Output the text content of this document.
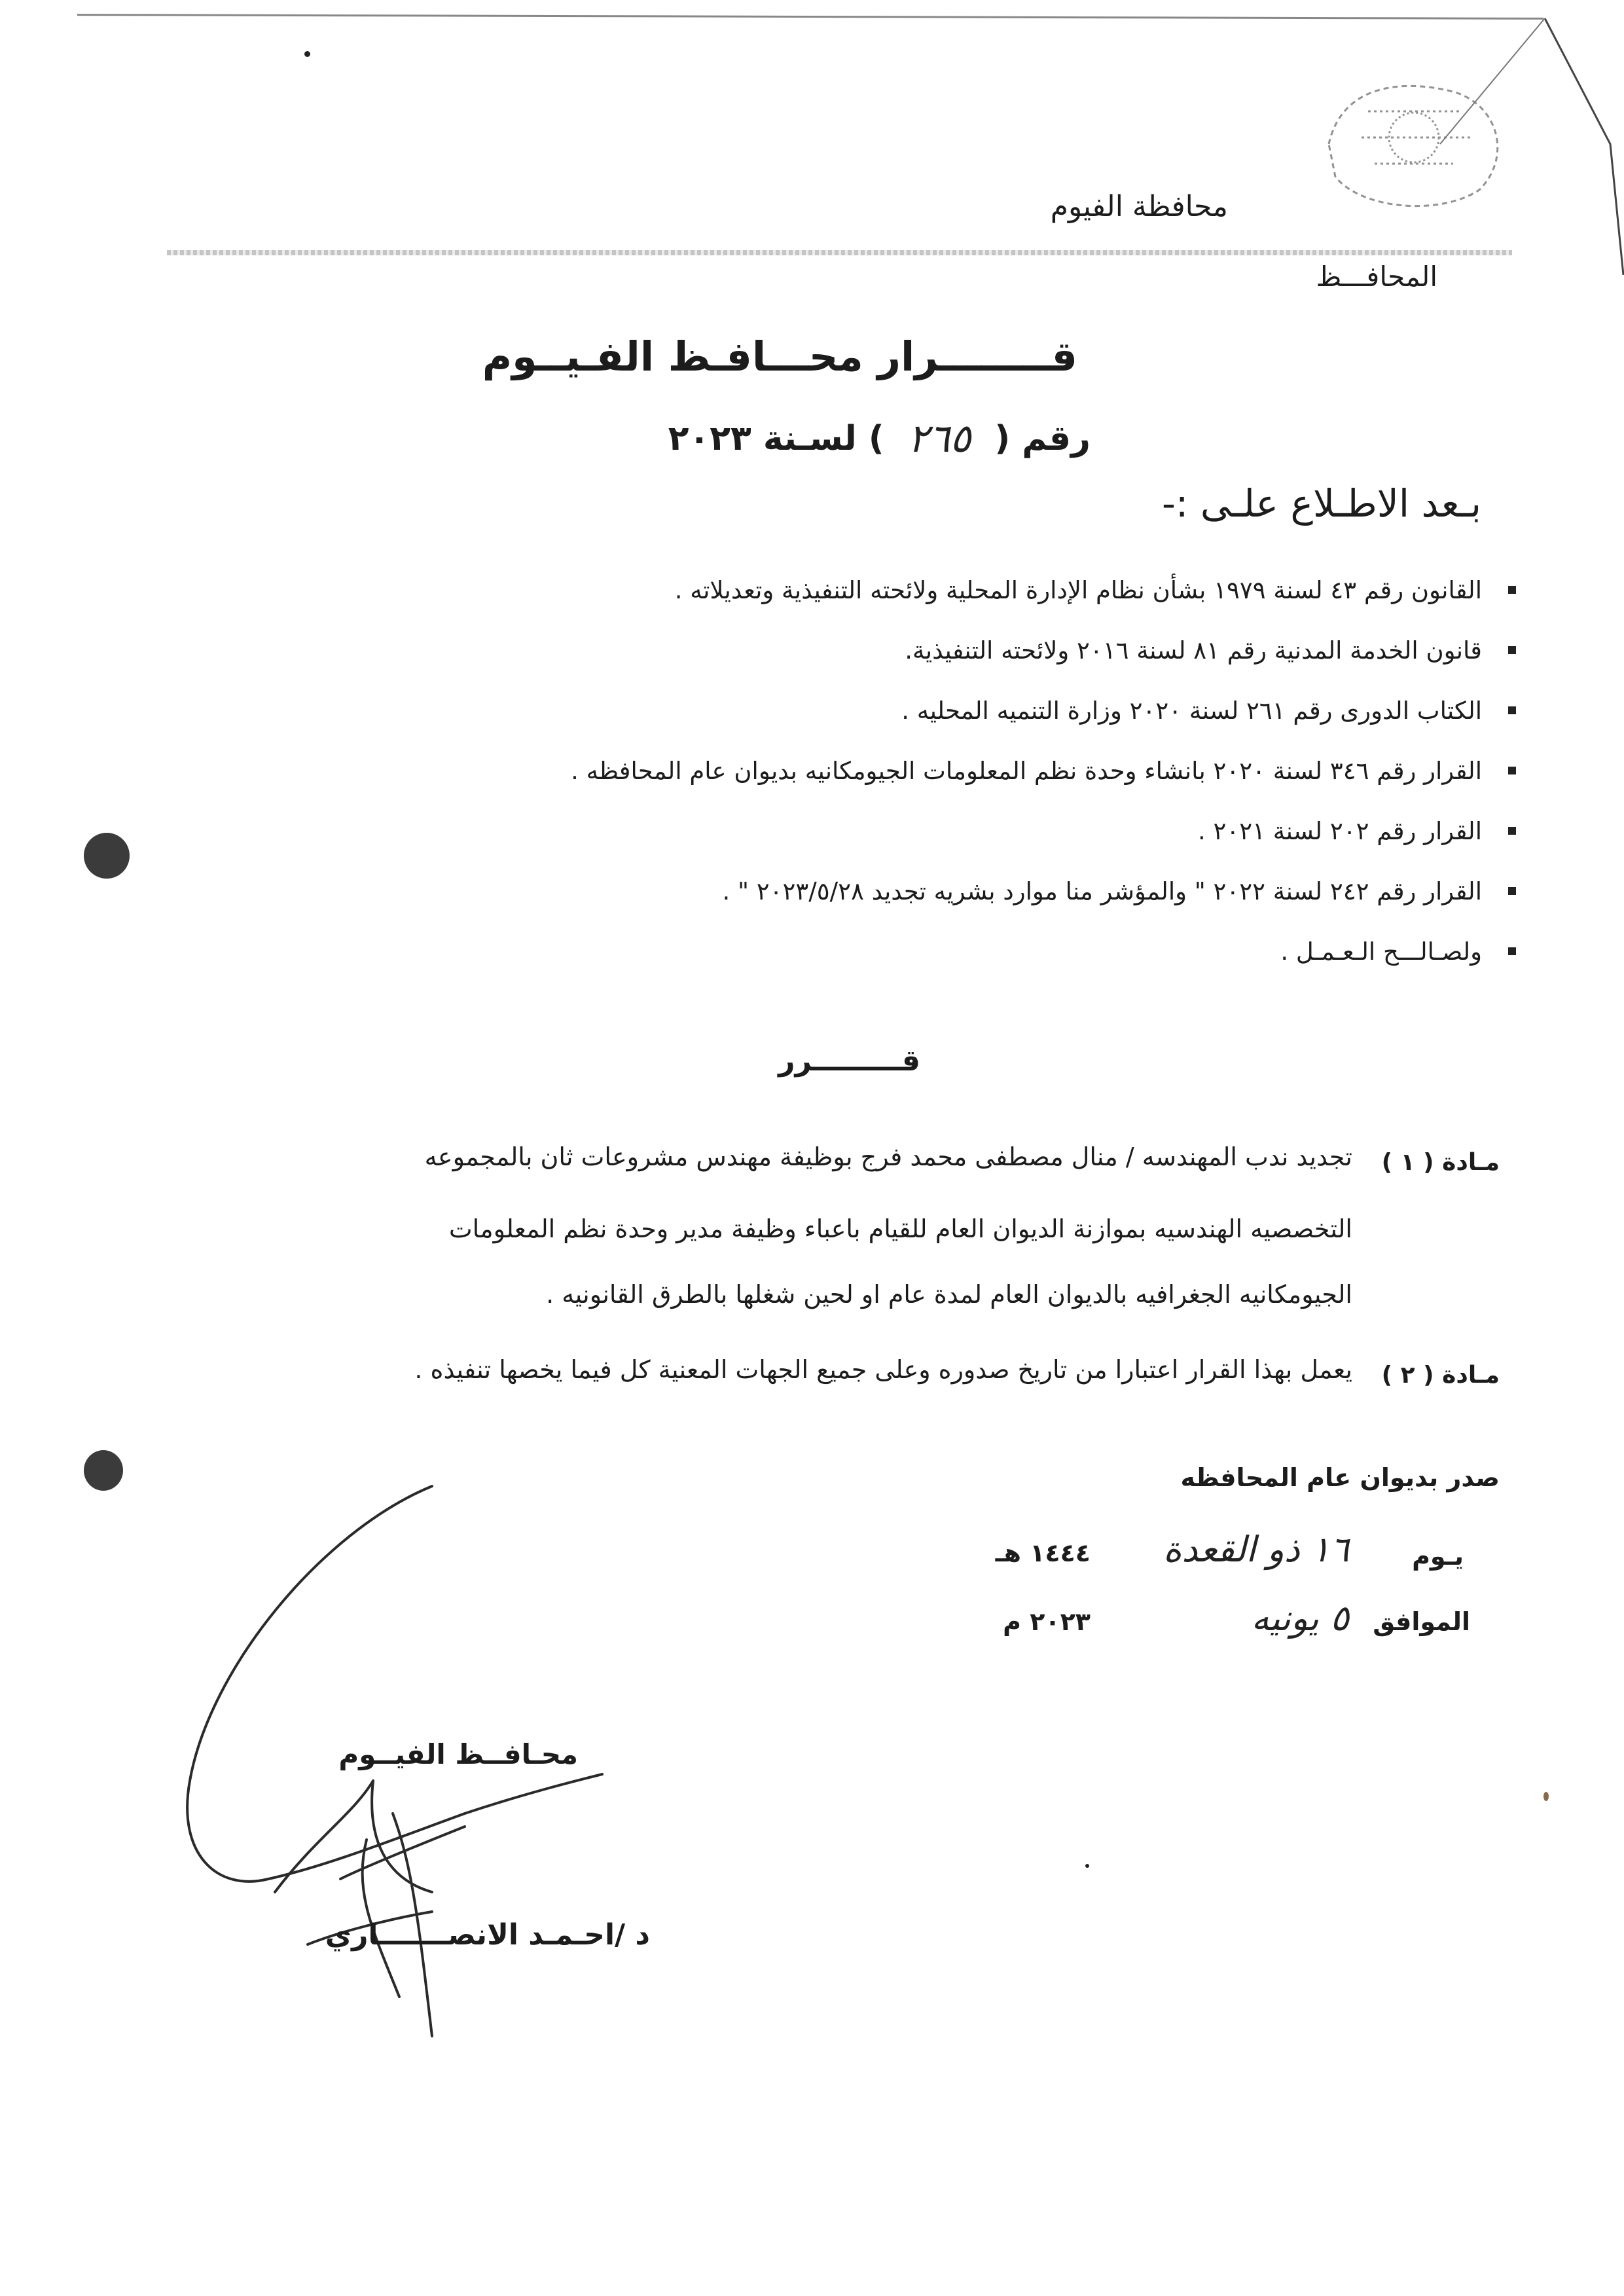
محافظة الفيوم
المحافـــظ
قــــــــرار محـــافـظ الفـيــوم
رقم (
٢٦٥
) لسـنة ٢٠٢٣
بـعد الاطـلاع علـى :-
القانون رقم ٤٣ لسنة ١٩٧٩ بشأن نظام الإدارة المحلية ولائحته التنفيذية وتعديلاته .
قانون الخدمة المدنية رقم ٨١ لسنة ٢٠١٦ ولائحته التنفيذية.
الكتاب الدورى رقم ٢٦١ لسنة ٢٠٢٠ وزارة التنميه المحليه .
القرار رقم ٣٤٦ لسنة ٢٠٢٠ بانشاء وحدة نظم المعلومات الجيومكانيه بديوان عام المحافظه .
القرار رقم ٢٠٢ لسنة ٢٠٢١ .
القرار رقم ٢٤٢ لسنة ٢٠٢٢ " والمؤشر منا موارد بشريه تجديد ٢٠٢٣/٥/٢٨ " .
ولصـالـــح الـعـمـل .
قـــــــــرر
مـادة ( ١ )
تجديد ندب المهندسه / منال مصطفى محمد فرج بوظيفة مهندس مشروعات ثان بالمجموعه
التخصصيه الهندسيه بموازنة الديوان العام للقيام باعباء وظيفة مدير وحدة نظم المعلومات
الجيومكانيه الجغرافيه بالديوان العام لمدة عام او لحين شغلها بالطرق القانونيه .
مـادة ( ٢ )
يعمل بهذا القرار اعتبارا من تاريخ صدوره وعلى جميع الجهات المعنية كل فيما يخصها تنفيذه .
صدر بديوان عام المحافظه
يـوم
١٦ ذو القعدة
١٤٤٤ هـ
الموافق
٥ يونيه
٢٠٢٣ م
محـافــظ الفيــوم
د /احـمـد الانصـــــــاري
